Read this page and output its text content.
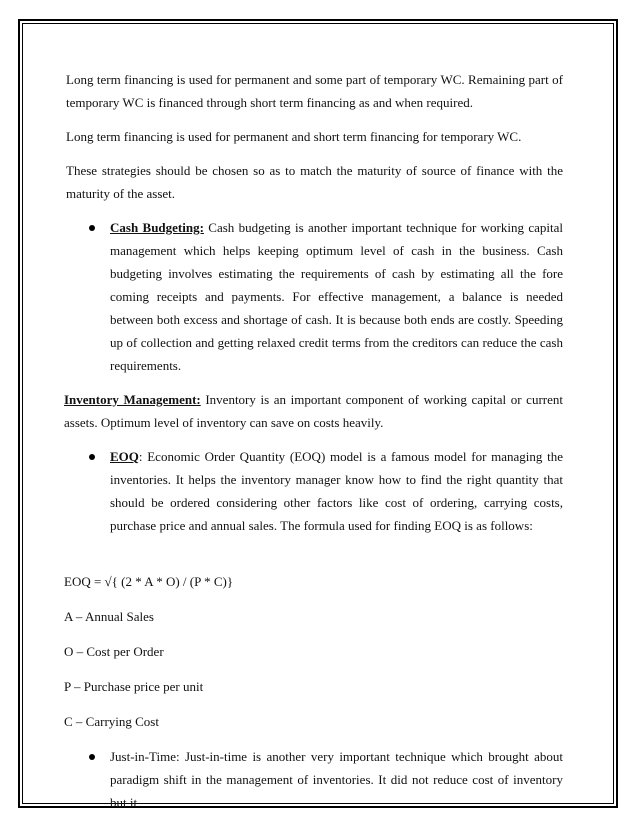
Long term financing is used for permanent and some part of temporary WC. Remaining part of temporary WC is financed through short term financing as and when required.

Long term financing is used for permanent and short term financing for temporary WC.

These strategies should be chosen so as to match the maturity of source of finance with the maturity of the asset.

Cash Budgeting: Cash budgeting is another important technique for working capital management which helps keeping optimum level of cash in the business. Cash budgeting involves estimating the requirements of cash by estimating all the fore coming receipts and payments. For effective management, a balance is needed between both excess and shortage of cash. It is because both ends are costly. Speeding up of collection and getting relaxed credit terms from the creditors can reduce the cash requirements.

Inventory Management: Inventory is an important component of working capital or current assets. Optimum level of inventory can save on costs heavily.

EOQ: Economic Order Quantity (EOQ) model is a famous model for managing the inventories. It helps the inventory manager know how to find the right quantity that should be ordered considering other factors like cost of ordering, carrying costs, purchase price and annual sales. The formula used for finding EOQ is as follows:

EOQ = √{ (2 * A * O) / (P * C)}

A – Annual Sales

O – Cost per Order

P – Purchase price per unit

C – Carrying Cost

Just-in-Time: Just-in-time is another very important technique which brought about paradigm shift in the management of inventories. It did not reduce cost of inventory but it
